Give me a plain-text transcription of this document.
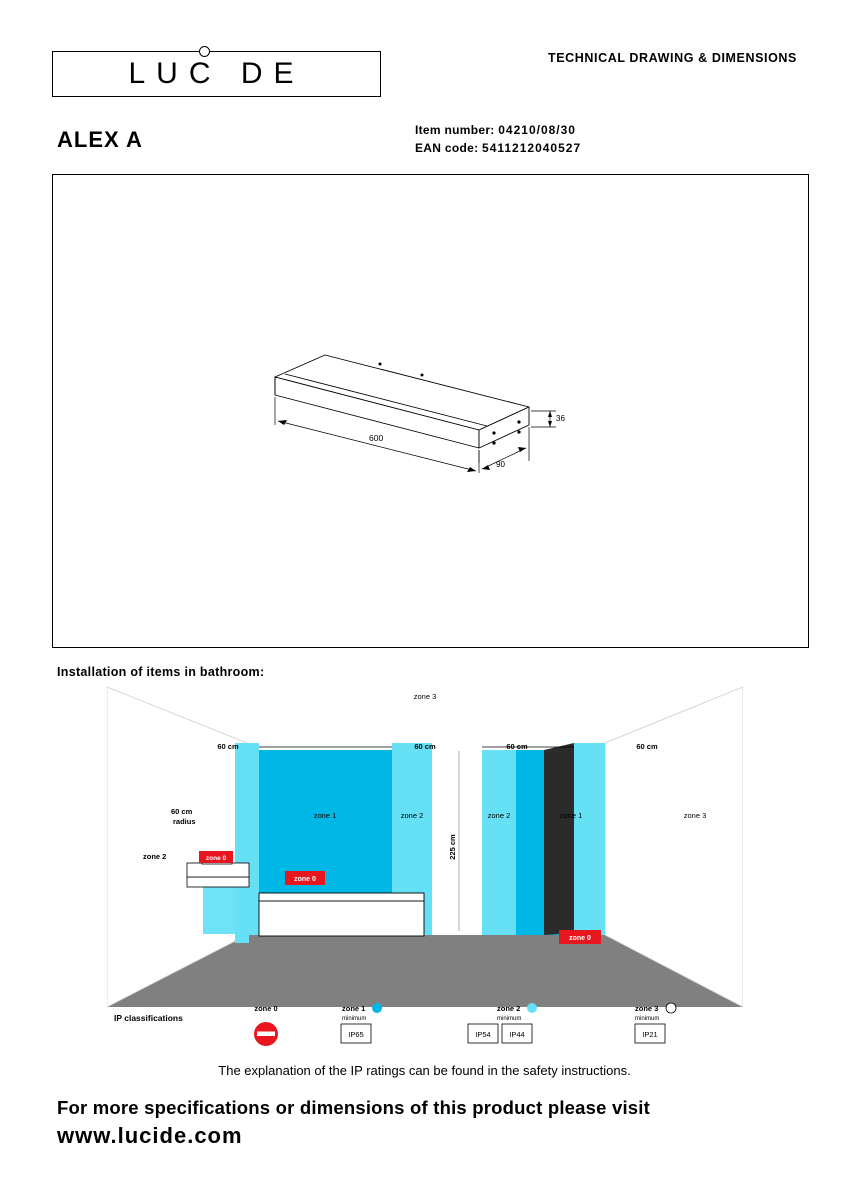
LUC DE	TECHNICAL DRAWING & DIMENSIONS
ALEX A	Item number: 04210/08/30
EAN code: 5411212040527
600
90
36
Installation of items in bathroom:
zone 0
zone 0
zone 0
225 cm
zone 3
60 cm	60 cm	60 cm	60 cm
60 cm
radius
zone 2
zone 1	zone 2	zone 2	zone 1	zone 3
IP classifications
zone 0	zone 1
minimum
IP65
zone 2
minimum
IP54 IP44
zone 3
minimum
IP21
The explanation of the IP ratings can be found in the safety instructions.
For more specifications or dimensions of this product please visit
www.lucide.com
